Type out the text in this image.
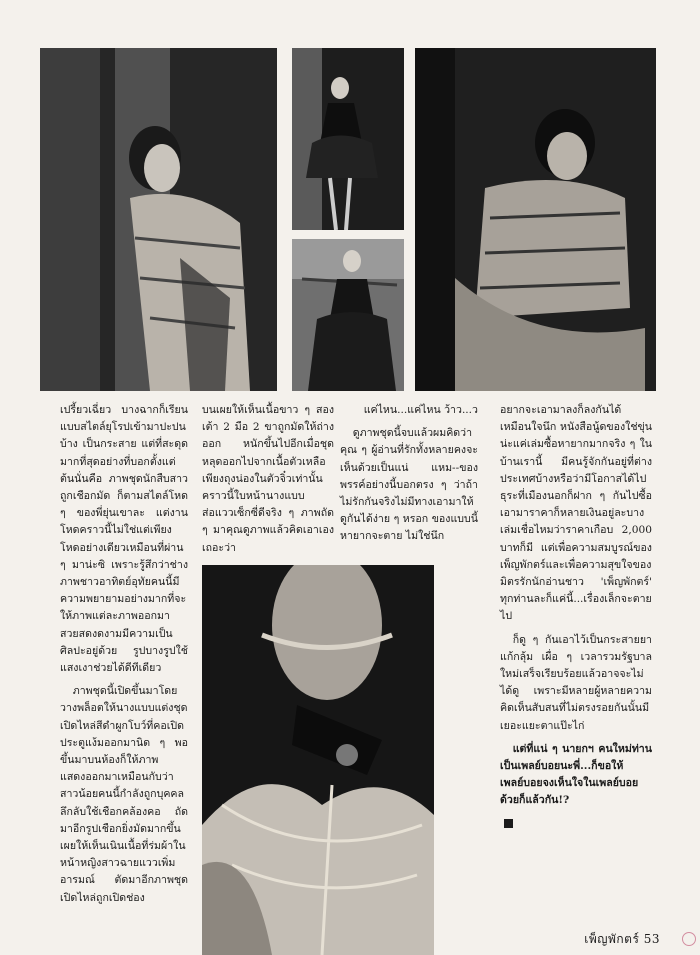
เปรี้ยวเฉี่ยว บางฉากก็เรียนแบบสไตล์ยุโรปเข้ามาปะปนบ้าง เป็นกระสาย แต่ที่สะดุดมากที่สุดอย่างที่บอกตั้งแต่ต้นนั่นคือ ภาพชุดนักสืบสาวถูกเชือกมัด ก็ตามสไตล์โหด ๆ ของพี่ยุ่นเขาละ แต่งานโหดคราวนี้ไม่ใช่แต่เพียงโหดอย่างเดียวเหมือนที่ผ่าน ๆ มาน่ะซิ เพราะรู้สึกว่าช่างภาพชาวอาทิตย์อุทัยคนนี้มีความพยายามอย่างมากที่จะให้ภาพแต่ละภาพออกมาสวยสดงดงามมีความเป็นศิลปะอยู่ด้วย รูปบางรูปใช้แสงเงาช่วยได้ดีทีเดียว

ภาพชุดนี้เปิดขึ้นมาโดยวางพล็อตให้นางแบบแต่งชุดเปิดไหล่สีดำผูกโบว์ที่คอเปิดประตูแง้มออกมานิด ๆ พอขึ้นมาบนห้องก็ให้ภาพแสดงออกมาเหมือนกับว่าสาวน้อยคนนี้กำลังถูกบุคคลลึกลับใช้เชือกคล้องคอ ถัดมาอีกรูปเชือกยิ่งมัดมากขึ้นเผยให้เห็นเนินเนื้อที่ร่มผ้าในหน้าหญิงสาวฉายแววเพิ่มอารมณ์ ตัดมาอีกภาพชุดเปิดไหล่ถูกเปิดช่อง

บนเผยให้เห็นเนื้อขาว ๆ สองเต้า 2 มือ 2 ขาถูกมัดให้ถ่างออก หนักขึ้นไปอีกเมื่อชุดหลุดออกไปจากเนื้อตัวเหลือเพียงถุงน่องในตัวจิ๋วเท่านั้น คราวนี้ใบหน้านางแบบส่อแววเซ็กซี่ดีจริง ๆ ภาพถัด ๆ มาคุณดูภาพแล้วคิดเอาเองเถอะว่า

แค่ไหน...แค่ไหน ว้าว...ว

ดูภาพชุดนี้จบแล้วผมคิดว่าคุณ ๆ ผู้อ่านที่รักทั้งหลายคงจะเห็นด้วยเป็นแน่ แหม--ของพรรค์อย่างนี้บอกตรง ๆ ว่าถ้าไม่รักกันจริงไม่มีทางเอามาให้ดูกันได้ง่าย ๆ หรอก ของแบบนี้หายากจะตาย ไม่ใช่นึก

อยากจะเอามาลงก็ลงกันได้เหมือนใจนึก หนังสือนู้ดของใช่ขุ่นน่ะแค่เล่มซื้อหายากมากจริง ๆ ในบ้านเรานี้ มีคนรู้จักกันอยู่ที่ต่างประเทศบ้างหรือว่ามีโอกาสได้ไปธุระที่เมืองนอกก็ฝาก ๆ กันไปซื้อเอามาราคาก็หลายเงินอยู่ละบางเล่มเชื่อไหมว่าราคาเกือบ 2,000 บาทก็มี แต่เพื่อความสมบูรณ์ของเพ็ญพักตร์และเพื่อความสุขใจของมิตรรักนักอ่านชาว 'เพ็ญพักตร์' ทุกท่านละก็แค่นี้...เรื่องเล็กจะตายไป

ก็ดู ๆ กันเอาไว้เป็นกระสายยาแก้กลุ้ม เผื่อ ๆ เวลารวมรัฐบาลใหม่เสร็จเรียบร้อยแล้วอาจจะไม่ได้ดู เพราะมีหลายผู้หลายความคิดเห็นสับสนที่ไม่ตรงรอยกันนั้นมีเยอะแยะตาแป๊ะไก่

แต่ที่แน่ ๆ นายกฯ คนใหม่ท่านเป็นเพลย์บอยนะพี่...ก็ขอให้เพลย์บอยจงเห็นใจในเพลย์บอยด้วยก็แล้วกัน!?

เพ็ญพักตร์ 53
